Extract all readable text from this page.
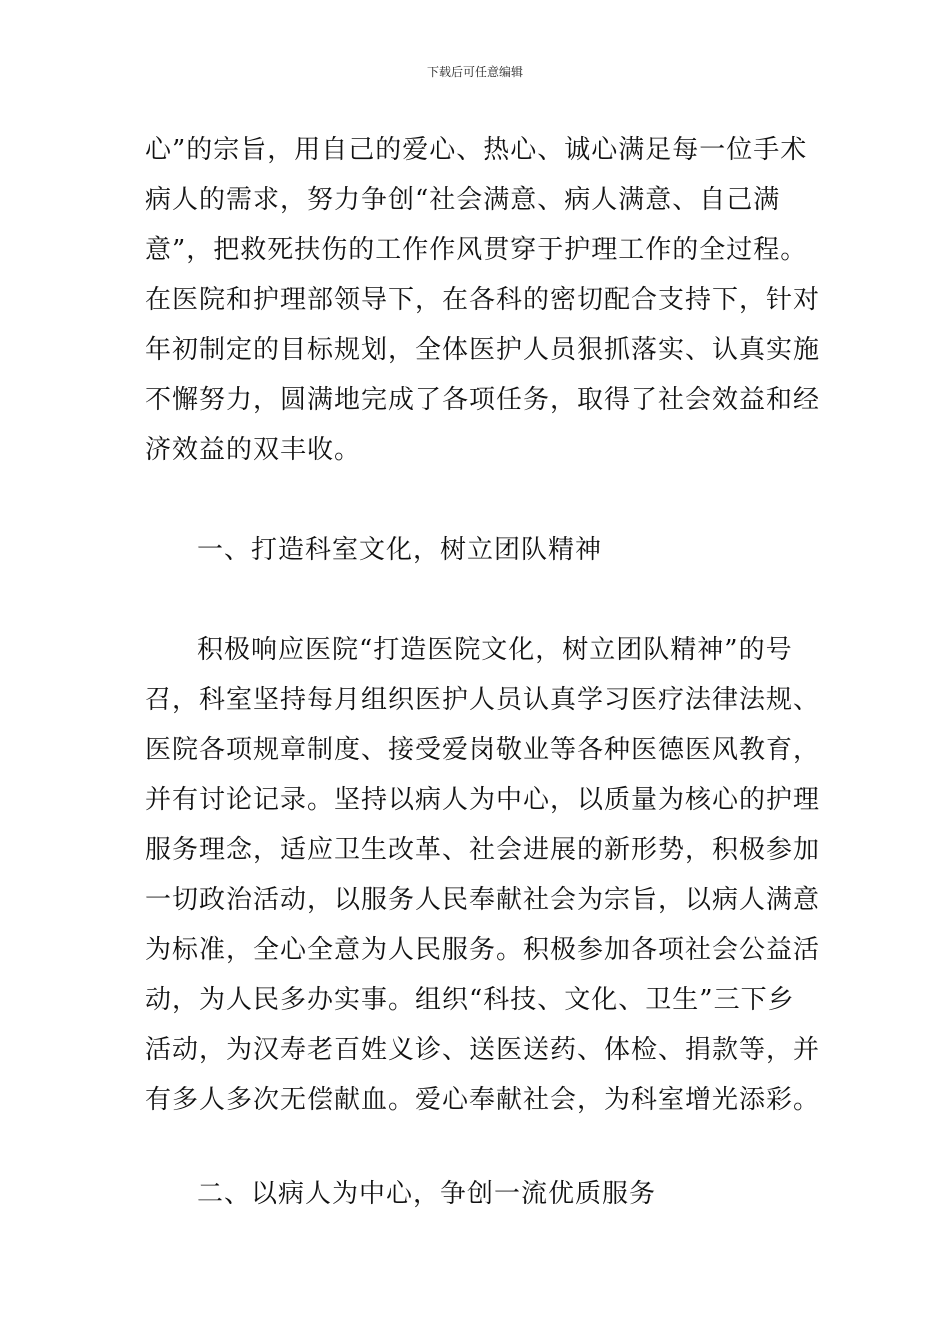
下载后可任意编辑
心”的宗旨，用自己的爱心、热心、诚心满足每一位手术
病人的需求，努力争创“社会满意、病人满意、自己满
意”，把救死扶伤的工作作风贯穿于护理工作的全过程。
在医院和护理部领导下，在各科的密切配合支持下，针对
年初制定的目标规划，全体医护人员狠抓落实、认真实施
不懈努力，圆满地完成了各项任务，取得了社会效益和经
济效益的双丰收。
一、打造科室文化，树立团队精神
积极响应医院“打造医院文化，树立团队精神”的号
召，科室坚持每月组织医护人员认真学习医疗法律法规、
医院各项规章制度、接受爱岗敬业等各种医德医风教育，
并有讨论记录。坚持以病人为中心，以质量为核心的护理
服务理念，适应卫生改革、社会进展的新形势，积极参加
一切政治活动，以服务人民奉献社会为宗旨，以病人满意
为标准，全心全意为人民服务。积极参加各项社会公益活
动，为人民多办实事。组织“科技、文化、卫生”三下乡
活动，为汉寿老百姓义诊、送医送药、体检、捐款等，并
有多人多次无偿献血。爱心奉献社会，为科室增光添彩。
二、以病人为中心，争创一流优质服务
